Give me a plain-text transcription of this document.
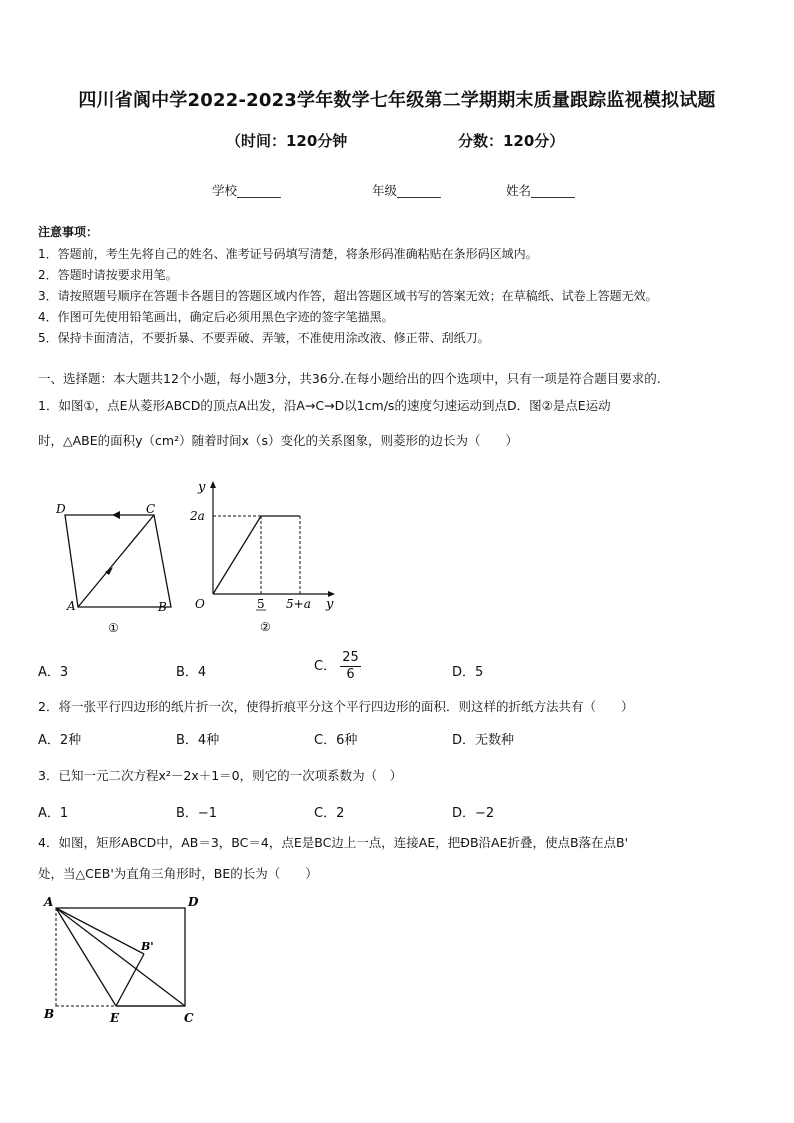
四川省阆中学2022-2023学年数学七年级第二学期期末质量跟踪监视模拟试题
（时间：120分钟	分数：120分）
学校_______	年级_______	姓名_______
注意事项：
1．答题前，考生先将自己的姓名、准考证号码填写清楚，将条形码准确粘贴在条形码区域内。
2．答题时请按要求用笔。
3．请按照题号顺序在答题卡各题目的答题区域内作答，超出答题区域书写的答案无效；在草稿纸、试卷上答题无效。
4．作图可先使用铅笔画出，确定后必须用黑色字迹的签字笔描黑。
5．保持卡面清洁，不要折暴、不要弄破、弄皱，不准使用涂改液、修正带、刮纸刀。
一、选择题：本大题共12个小题，每小题3分，共36分.在每小题给出的四个选项中，只有一项是符合题目要求的.
1．如图①，点E从菱形ABCD的顶点A出发，沿A→C→D以1cm/s的速度匀速运动到点D．图②是点E运动
时，△ABE的面积y（cm²）随着时间x（s）变化的关系图象，则菱形的边长为（　　）
D	C
A	B
①
y
2a
O	5 5+a y
②
A．3	B．4	C． $\frac{25}{6}$	D．5
2．将一张平行四边形的纸片折一次，使得折痕平分这个平行四边形的面积．则这样的折纸方法共有（　　）
A．2种	B．4种	C．6种	D．无数种
3．已知一元二次方程x²－2x＋1＝0，则它的一次项系数为（　）
A．1	B．−1	C．2	D．−2
4．如图，矩形ABCD中，AB＝3，BC＝4，点E是BC边上一点，连接AE，把ÐB沿AE折叠，使点B落在点B'
处，当△CEB'为直角三角形时，BE的长为（　　）
A	D
B'
B	E	C
